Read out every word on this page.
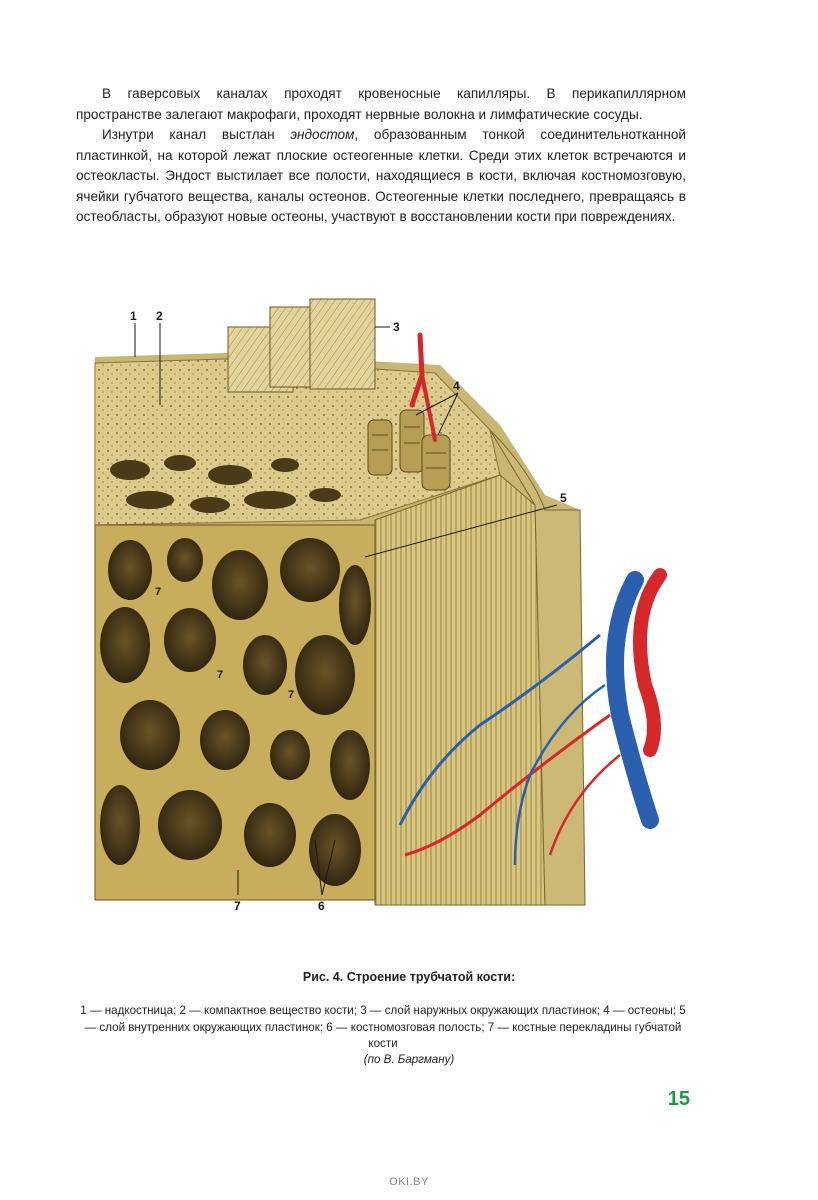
В гаверсовых каналах проходят кровеносные капилляры. В перикапиллярном пространстве залегают макрофаги, проходят нервные волокна и лимфатические сосуды.

Изнутри канал выстлан эндостом, образованным тонкой соединительнотканной пластинкой, на которой лежат плоские остеогенные клетки. Среди этих клеток встречаются и остеокласты. Эндост выстилает все полости, находящиеся в кости, включая костномозговую, ячейки губчатого вещества, каналы остеонов. Остеогенные клетки последнего, превращаясь в остеобласты, образуют новые остеоны, участвуют в восстановлении кости при повреждениях.

1 2
3
4
5
6
7
7
7
7
Рис. 4. Строение трубчатой кости:
1 — надкостница; 2 — компактное вещество кости; 3 — слой наружных окружающих пластинок; 4 — остеоны; 5 — слой внутренних окружающих пластинок; 6 — костномозговая полость; 7 — костные перекладины губчатой кости
(по В. Баргману)
15
OKI.BY
